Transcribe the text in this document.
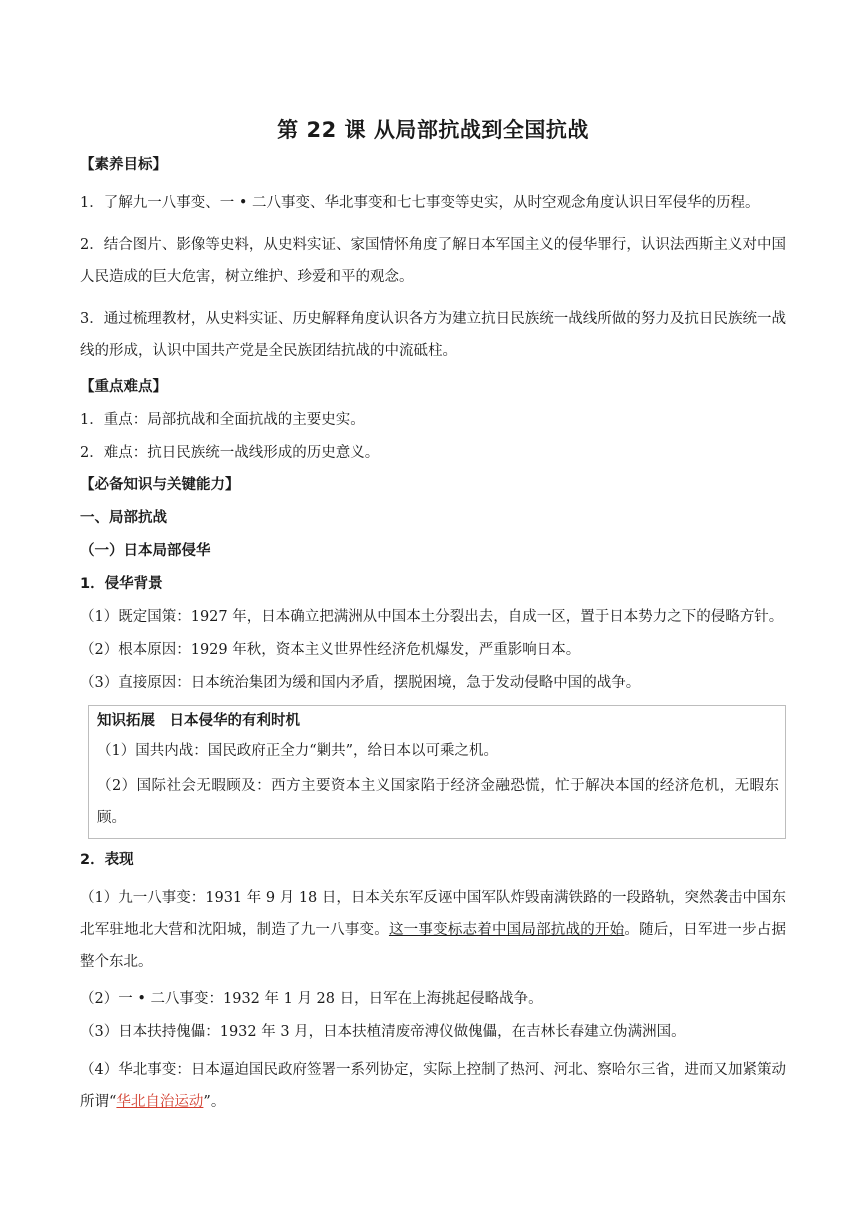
第 22 课 从局部抗战到全国抗战
【素养目标】

1．了解九一八事变、一 • 二八事变、华北事变和七七事变等史实，从时空观念角度认识日军侵华的历程。

2．结合图片、影像等史料，从史料实证、家国情怀角度了解日本军国主义的侵华罪行，认识法西斯主义对中国人民造成的巨大危害，树立维护、珍爱和平的观念。

3．通过梳理教材，从史料实证、历史解释角度认识各方为建立抗日民族统一战线所做的努力及抗日民族统一战线的形成，认识中国共产党是全民族团结抗战的中流砥柱。

【重点难点】

1．重点：局部抗战和全面抗战的主要史实。

2．难点：抗日民族统一战线形成的历史意义。

【必备知识与关键能力】

一、局部抗战

（一）日本局部侵华

1．侵华背景

（1）既定国策：1927 年，日本确立把满洲从中国本土分裂出去，自成一区，置于日本势力之下的侵略方针。

（2）根本原因：1929 年秋，资本主义世界性经济危机爆发，严重影响日本。

（3）直接原因：日本统治集团为缓和国内矛盾，摆脱困境，急于发动侵略中国的战争。

知识拓展　日本侵华的有利时机

（1）国共内战：国民政府正全力“剿共”，给日本以可乘之机。

（2）国际社会无暇顾及：西方主要资本主义国家陷于经济金融恐慌，忙于解决本国的经济危机，无暇东顾。

2．表现

（1）九一八事变：1931 年 9 月 18 日，日本关东军反诬中国军队炸毁南满铁路的一段路轨，突然袭击中国东北军驻地北大营和沈阳城，制造了九一八事变。这一事变标志着中国局部抗战的开始。随后，日军进一步占据整个东北。

（2）一 • 二八事变：1932 年 1 月 28 日，日军在上海挑起侵略战争。

（3）日本扶持傀儡：1932 年 3 月，日本扶植清废帝溥仪做傀儡，在吉林长春建立伪满洲国。

（4）华北事变：日本逼迫国民政府签署一系列协定，实际上控制了热河、河北、察哈尔三省，进而又加紧策动所谓“华北自治运动”。
